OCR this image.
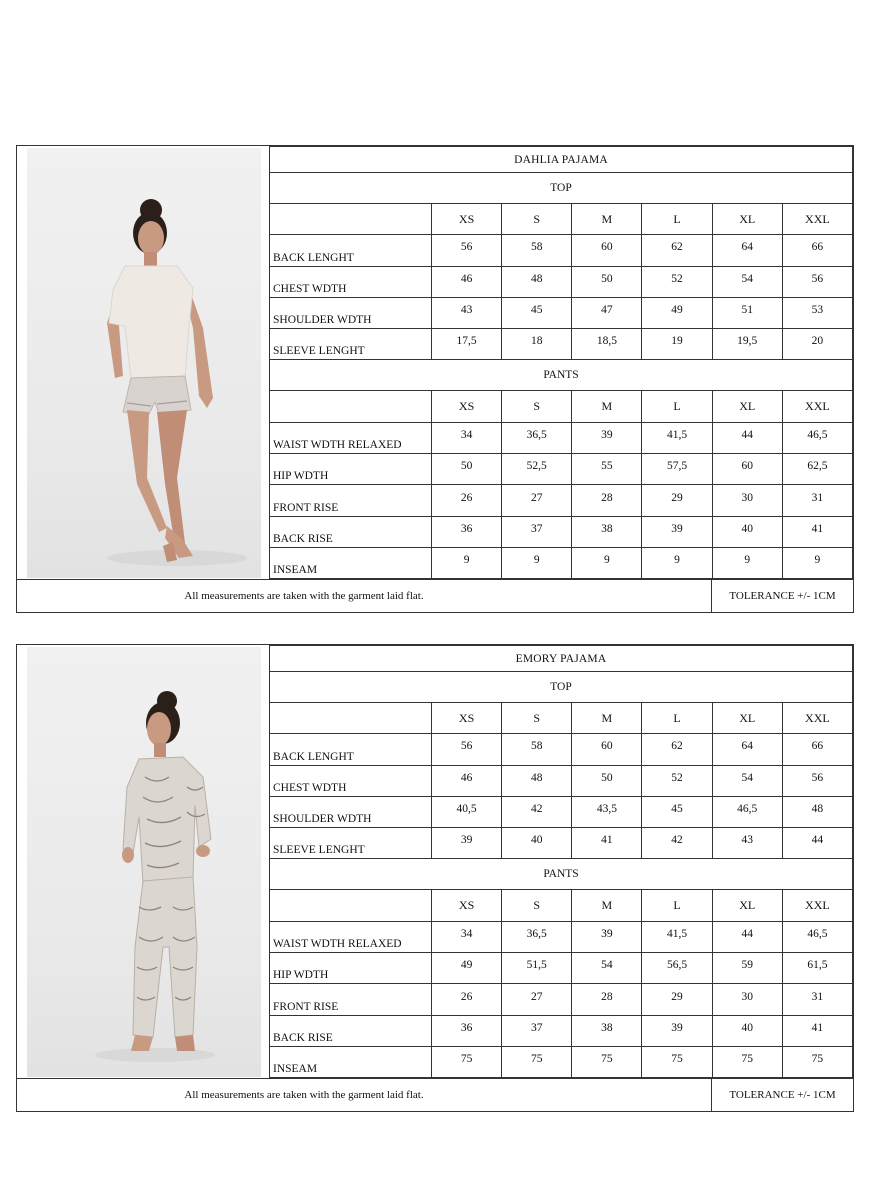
DAHLIA PAJAMA						
TOP						
	XS	S	M	L	XL	XXL
BACK LENGHT	56	58	60	62	64	66
CHEST WDTH	46	48	50	52	54	56
SHOULDER WDTH	43	45	47	49	51	53
SLEEVE LENGHT	17,5	18	18,5	19	19,5	20
PANTS						
	XS	S	M	L	XL	XXL
WAIST WDTH RELAXED	34	36,5	39	41,5	44	46,5
HIP WDTH	50	52,5	55	57,5	60	62,5
FRONT RISE	26	27	28	29	30	31
BACK RISE	36	37	38	39	40	41
INSEAM	9	9	9	9	9	9
All measurements are taken with the garment laid flat.	TOLERANCE +/- 1CM
EMORY PAJAMA						
TOP						
	XS	S	M	L	XL	XXL
BACK LENGHT	56	58	60	62	64	66
CHEST WDTH	46	48	50	52	54	56
SHOULDER WDTH	40,5	42	43,5	45	46,5	48
SLEEVE LENGHT	39	40	41	42	43	44
PANTS						
	XS	S	M	L	XL	XXL
WAIST WDTH RELAXED	34	36,5	39	41,5	44	46,5
HIP WDTH	49	51,5	54	56,5	59	61,5
FRONT RISE	26	27	28	29	30	31
BACK RISE	36	37	38	39	40	41
INSEAM	75	75	75	75	75	75
All measurements are taken with the garment laid flat.	TOLERANCE +/- 1CM
